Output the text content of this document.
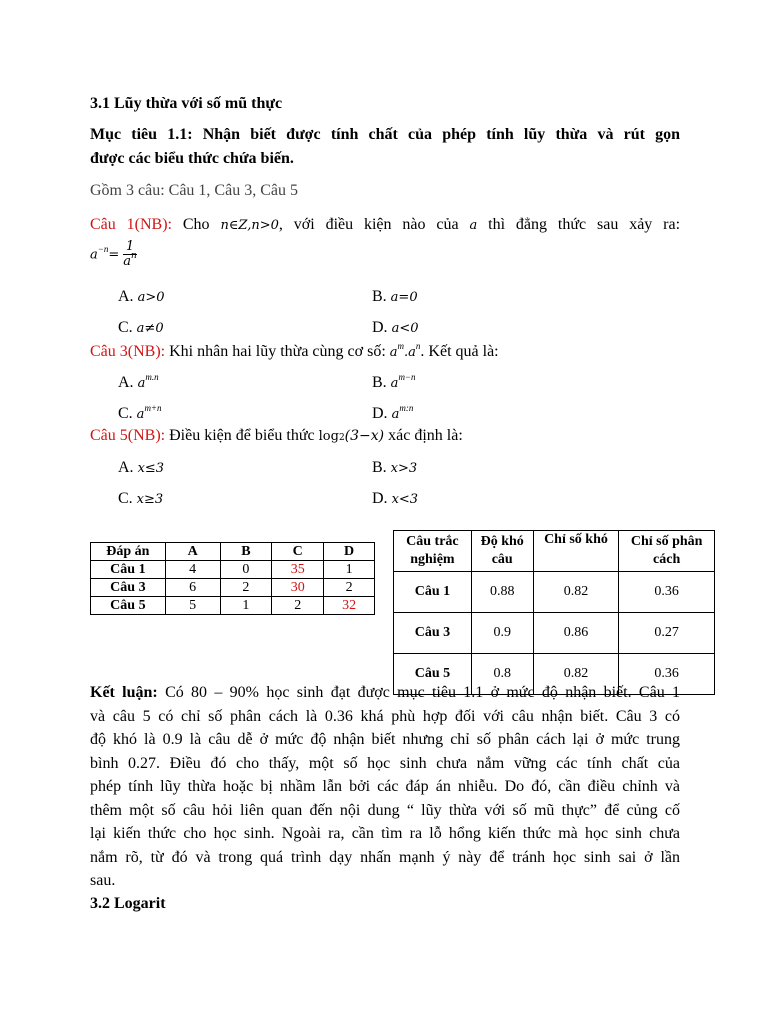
3.1 Lũy thừa với số mũ thực
Mục tiêu 1.1: Nhận biết được tính chất của phép tính lũy thừa và rút gọn
được các biểu thức chứa biến.
Gồm 3 câu: Câu 1, Câu 3, Câu 5
Câu 1(NB): Cho n∈Z,n>0, với điều kiện nào của a thì đẳng thức sau xảy ra:
$a^{-n}= \frac{1}{a^n}$
A. a>0	B. a=0
C. a≠0	D. a<0
Câu 3(NB): Khi nhân hai lũy thừa cùng cơ số: $a^m.a^n$. Kết quả là:
A. $a^{m.n}$	B. $a^{m-n}$
C. $a^{m+n}$	D. $a^{m:n}$
Câu 5(NB): Điều kiện để biểu thức log2(3−x) xác định là:
A. x≤3	B. x>3
C. x≥3	D. x<3
Đáp án	A	B	C	D
Câu 1	4	0	35	1
Câu 3	6	2	30	2
Câu 5	5	1	2	32
Câu trắc nghiệm	Độ khó câu	Chỉ số khó	Chỉ số phân cách
Câu 1	0.88	0.82	0.36
Câu 3	0.9	0.86	0.27
Câu 5	0.8	0.82	0.36
Kết luận: Có 80 – 90% học sinh đạt được mục tiêu 1.1 ở mức độ nhận biết. Câu 1
và câu 5 có chỉ số phân cách là 0.36 khá phù hợp đối với câu nhận biết. Câu 3 có
độ khó là 0.9 là câu dễ ở mức độ nhận biết nhưng chỉ số phân cách lại ở mức trung
bình 0.27. Điều đó cho thấy, một số học sinh chưa nắm vững các tính chất của
phép tính lũy thừa hoặc bị nhầm lẫn bởi các đáp án nhiễu. Do đó, cần điều chỉnh và
thêm một số câu hỏi liên quan đến nội dung “ lũy thừa với số mũ thực” để củng cố
lại kiến thức cho học sinh. Ngoài ra, cần tìm ra lỗ hổng kiến thức mà học sinh chưa
nắm rõ, từ đó và trong quá trình dạy nhấn mạnh ý này để tránh học sinh sai ở lần
sau.
3.2 Logarit
